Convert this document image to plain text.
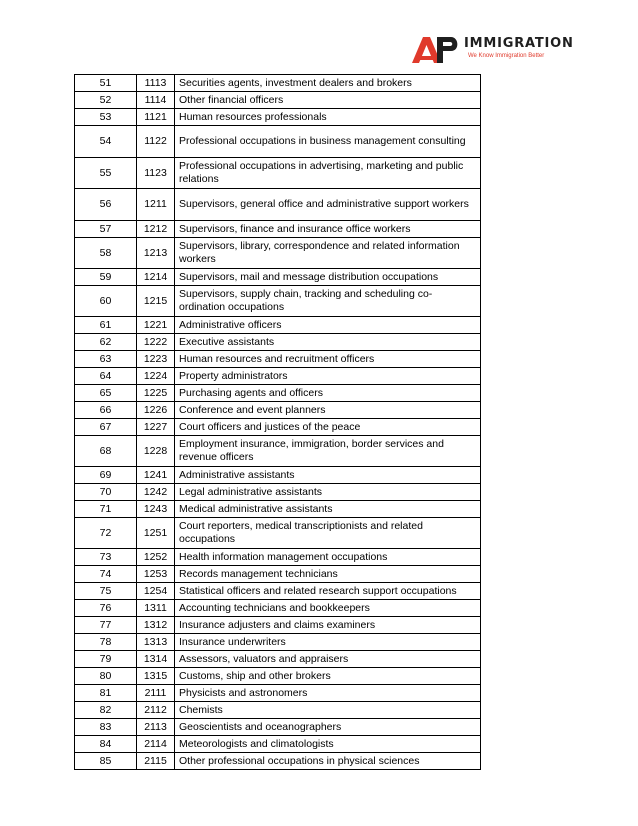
IMMIGRATION
We Know Immigration Better
51	1113	Securities agents, investment dealers and brokers
52	1114	Other financial officers
53	1121	Human resources professionals
54	1122	Professional occupations in business management consulting
55	1123	Professional occupations in advertising, marketing and public relations
56	1211	Supervisors, general office and administrative support workers
57	1212	Supervisors, finance and insurance office workers
58	1213	Supervisors, library, correspondence and related information workers
59	1214	Supervisors, mail and message distribution occupations
60	1215	Supervisors, supply chain, tracking and scheduling co-ordination occupations
61	1221	Administrative officers
62	1222	Executive assistants
63	1223	Human resources and recruitment officers
64	1224	Property administrators
65	1225	Purchasing agents and officers
66	1226	Conference and event planners
67	1227	Court officers and justices of the peace
68	1228	Employment insurance, immigration, border services and revenue officers
69	1241	Administrative assistants
70	1242	Legal administrative assistants
71	1243	Medical administrative assistants
72	1251	Court reporters, medical transcriptionists and related occupations
73	1252	Health information management occupations
74	1253	Records management technicians
75	1254	Statistical officers and related research support occupations
76	1311	Accounting technicians and bookkeepers
77	1312	Insurance adjusters and claims examiners
78	1313	Insurance underwriters
79	1314	Assessors, valuators and appraisers
80	1315	Customs, ship and other brokers
81	2111	Physicists and astronomers
82	2112	Chemists
83	2113	Geoscientists and oceanographers
84	2114	Meteorologists and climatologists
85	2115	Other professional occupations in physical sciences
